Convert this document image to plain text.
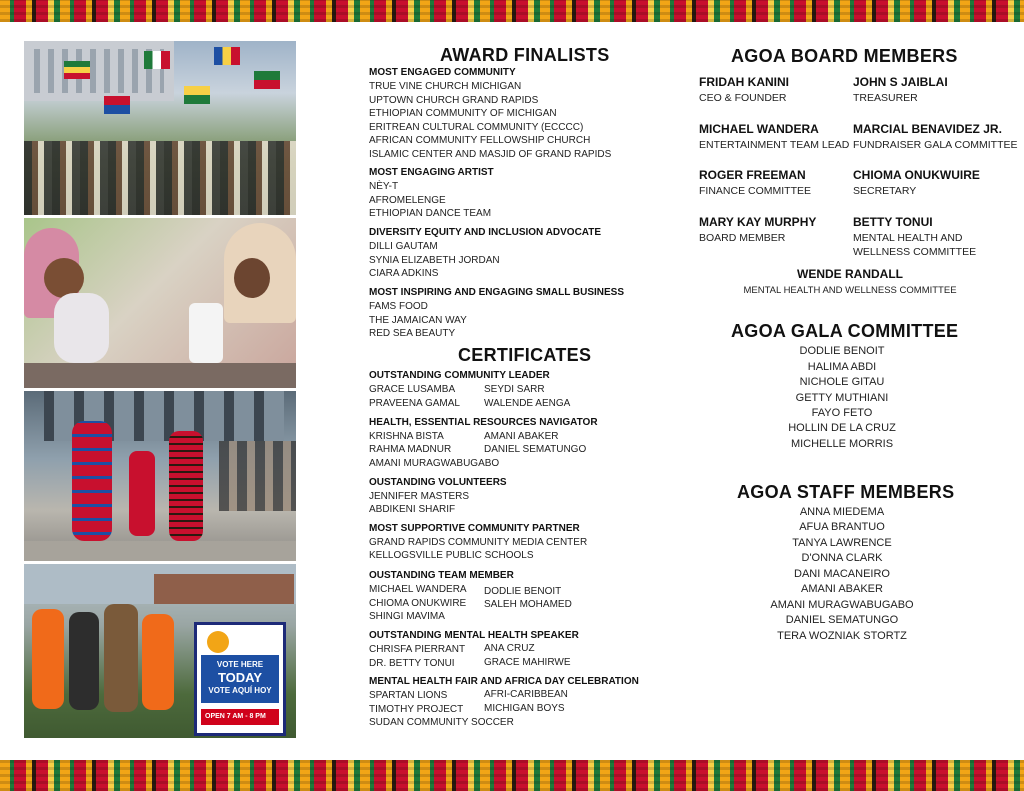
VOTE HERE
TODAY
VOTE AQUÍ HOY
OPEN 7 AM - 8 PM
AWARD FINALISTS

MOST ENGAGED COMMUNITY

TRUE VINE CHURCH MICHIGAN

UPTOWN CHURCH GRAND RAPIDS

ETHIOPIAN COMMUNITY OF MICHIGAN

ERITREAN CULTURAL COMMUNITY (ECCCC)

AFRICAN COMMUNITY FELLOWSHIP CHURCH

ISLAMIC CENTER AND MASJID OF GRAND RAPIDS

MOST ENGAGING ARTIST

NÈY-T

AFROMELENGE

ETHIOPIAN DANCE TEAM

DIVERSITY EQUITY AND INCLUSION ADVOCATE

DILLI GAUTAM

SYNIA ELIZABETH JORDAN

CIARA ADKINS

MOST INSPIRING AND ENGAGING SMALL BUSINESS

FAMS FOOD

THE JAMAICAN WAY

RED SEA BEAUTY

CERTIFICATES

OUTSTANDING COMMUNITY LEADER

GRACE LUSAMBA

PRAVEENA GAMAL

SEYDI SARR

WALENDE AENGA

HEALTH, ESSENTIAL RESOURCES NAVIGATOR

KRISHNA BISTA

RAHMA MADNUR

AMANI MURAGWABUGABO

AMANI ABAKER

DANIEL SEMATUNGO

OUSTANDING VOLUNTEERS

JENNIFER MASTERS

ABDIKENI SHARIF

MOST SUPPORTIVE COMMUNITY PARTNER

GRAND RAPIDS COMMUNITY MEDIA CENTER

KELLOGSVILLE PUBLIC SCHOOLS

OUSTANDING TEAM MEMBER

MICHAEL WANDERA

CHIOMA ONUKWIRE

SHINGI MAVIMA

DODLIE BENOIT

SALEH MOHAMED

OUTSTANDING MENTAL HEALTH SPEAKER

CHRISFA PIERRANT

DR. BETTY TONUI

ANA CRUZ

GRACE MAHIRWE

MENTAL HEALTH FAIR AND AFRICA DAY CELEBRATION

SPARTAN LIONS

TIMOTHY PROJECT

SUDAN COMMUNITY SOCCER

AFRI-CARIBBEAN

MICHIGAN BOYS

AGOA BOARD MEMBERS

FRIDAH KANINI

CEO & FOUNDER

JOHN S JAIBLAI

TREASURER

MICHAEL WANDERA

ENTERTAINMENT TEAM LEAD

MARCIAL BENAVIDEZ JR.

FUNDRAISER GALA COMMITTEE

ROGER FREEMAN

FINANCE COMMITTEE

CHIOMA ONUKWUIRE

SECRETARY

MARY KAY MURPHY

BOARD MEMBER

BETTY TONUI

MENTAL HEALTH AND WELLNESS COMMITTEE

WENDE RANDALL

MENTAL HEALTH AND WELLNESS COMMITTEE

AGOA GALA COMMITTEE

DODLIE BENOIT

HALIMA ABDI

NICHOLE GITAU

GETTY MUTHIANI

FAYO FETO

HOLLIN DE LA CRUZ

MICHELLE MORRIS

AGOA STAFF MEMBERS

ANNA MIEDEMA

AFUA BRANTUO

TANYA LAWRENCE

D'ONNA CLARK

DANI MACANEIRO

AMANI ABAKER

AMANI MURAGWABUGABO

DANIEL SEMATUNGO

TERA WOZNIAK STORTZ
